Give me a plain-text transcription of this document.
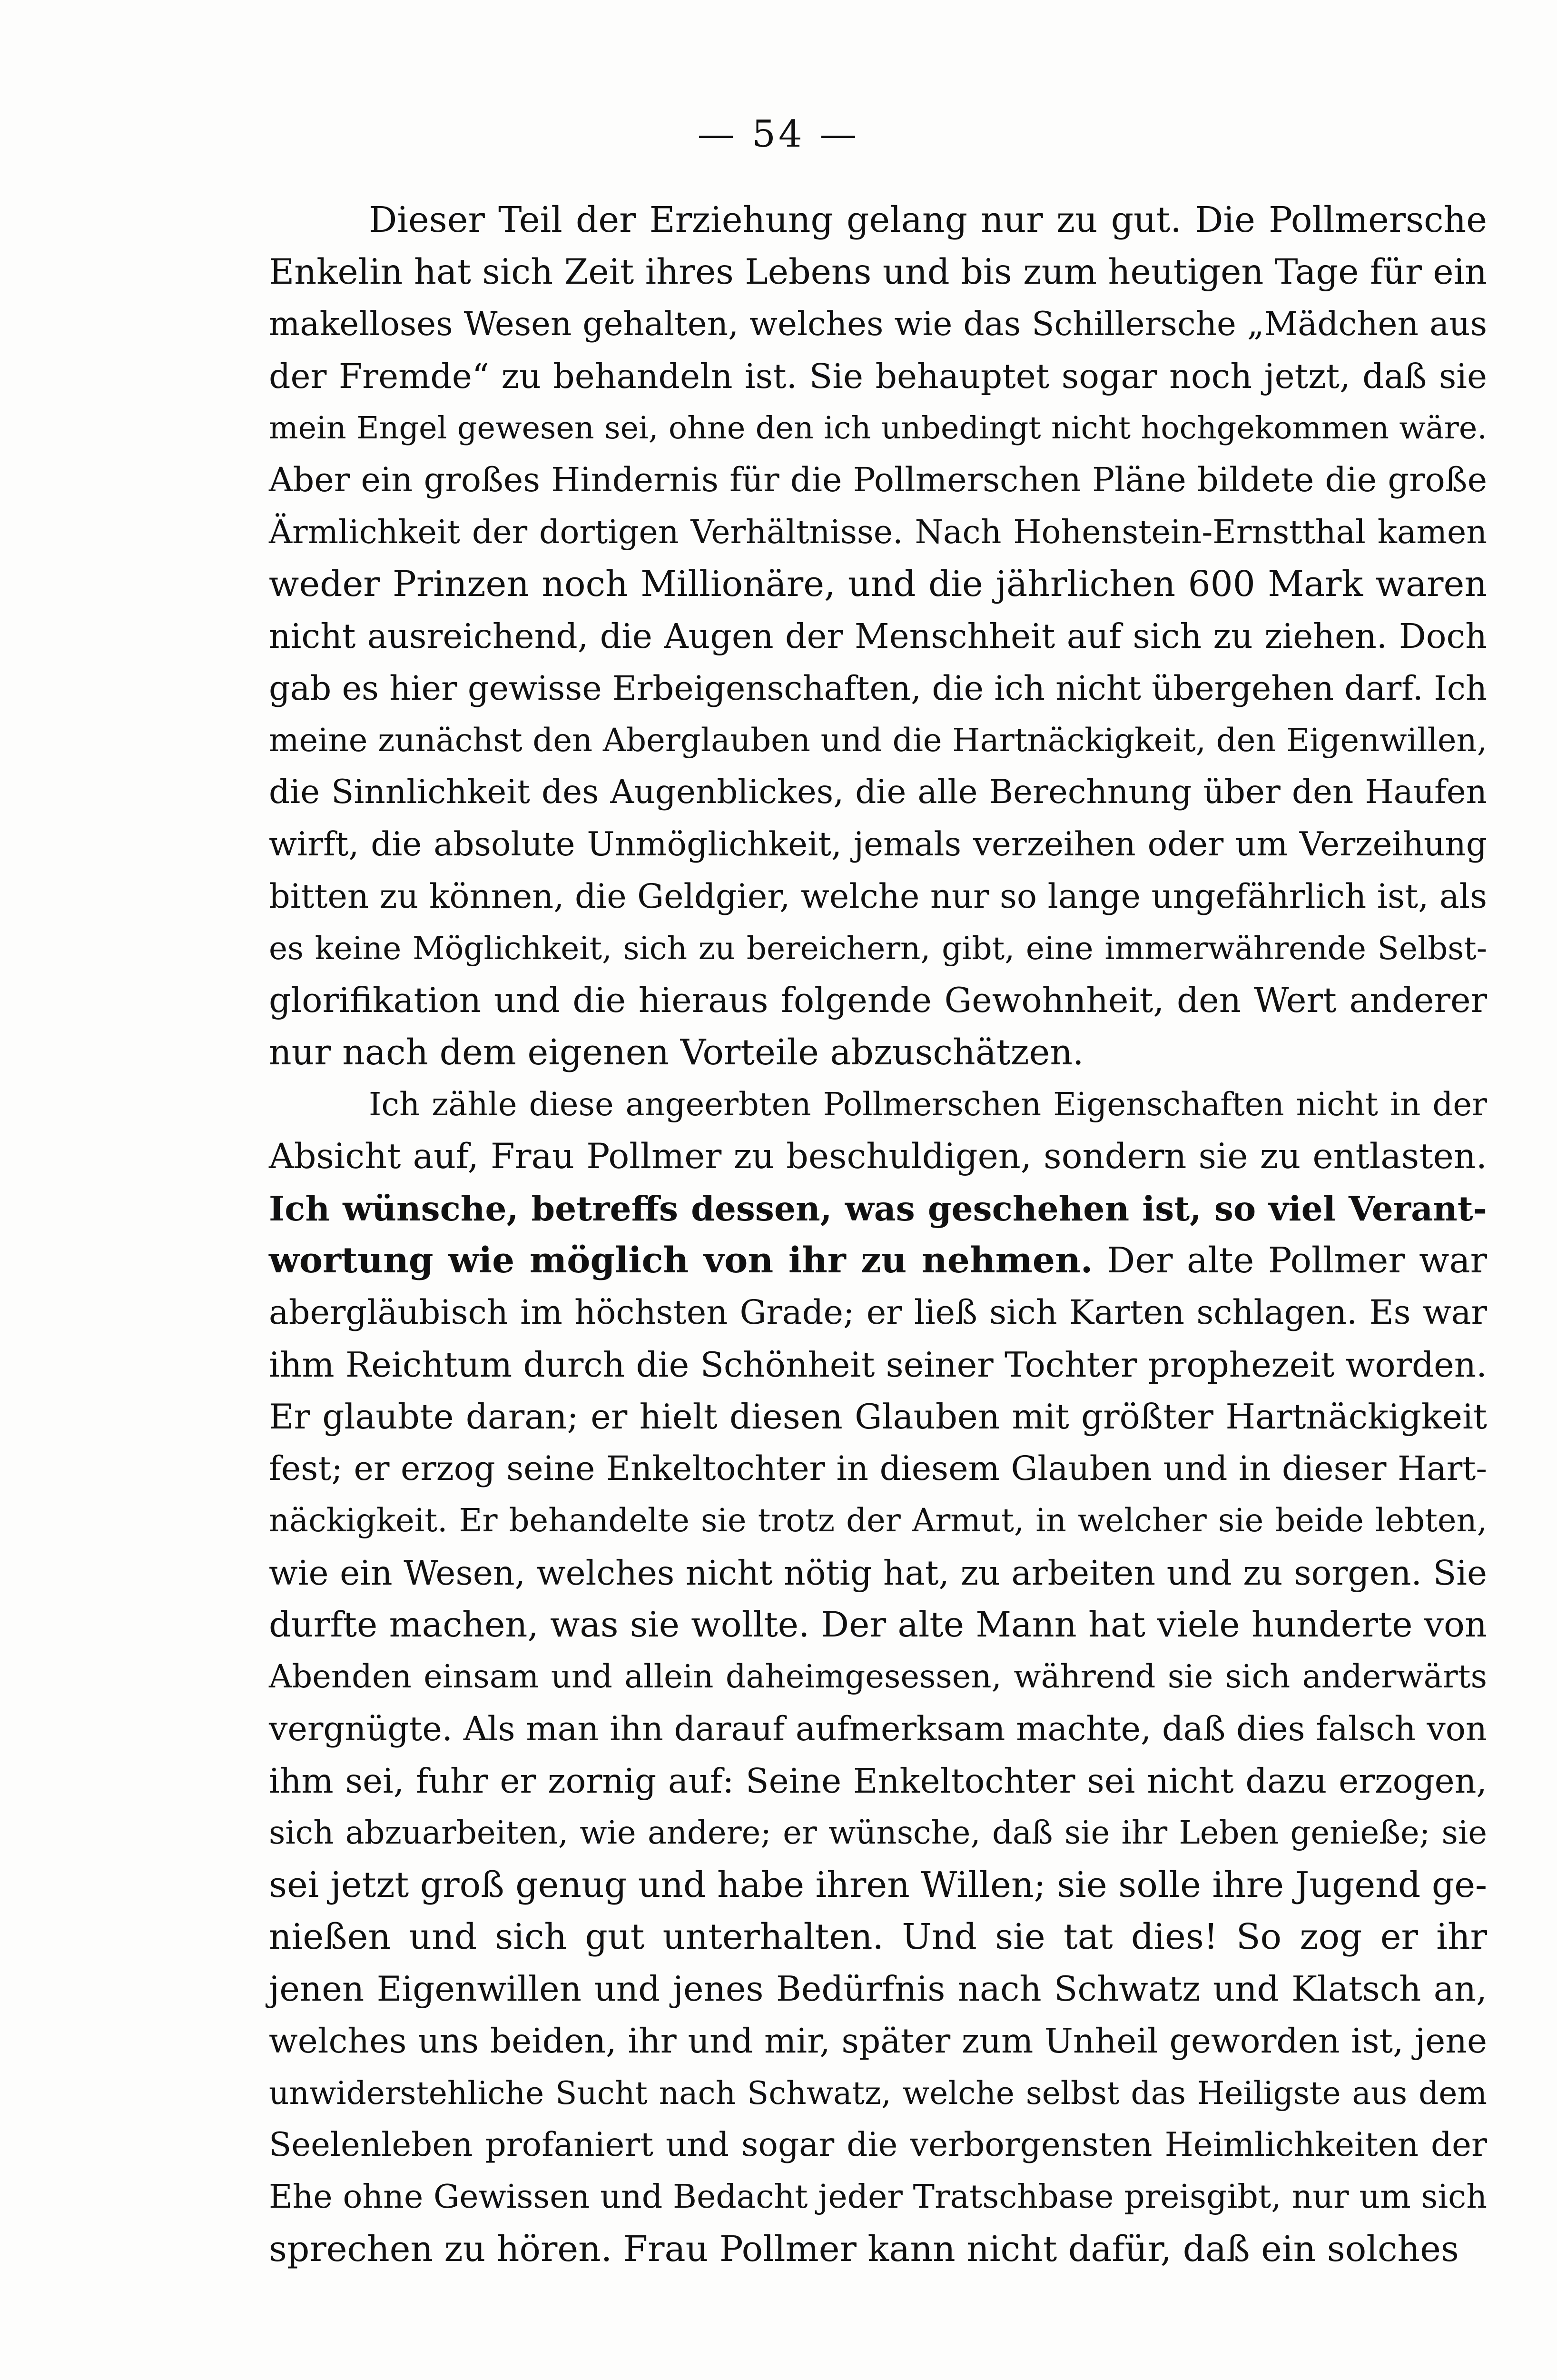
— 54 —
Dieser Teil der Erziehung gelang nur zu gut. Die Pollmersche
Enkelin hat sich Zeit ihres Lebens und bis zum heutigen Tage für ein
makelloses Wesen gehalten, welches wie das Schillersche „Mädchen aus
der Fremde“ zu behandeln ist. Sie behauptet sogar noch jetzt, daß sie
mein Engel gewesen sei, ohne den ich unbedingt nicht hochgekommen wäre.
Aber ein großes Hindernis für die Pollmerschen Pläne bildete die große
Ärmlichkeit der dortigen Verhältnisse. Nach Hohenstein-Ernstthal kamen
weder Prinzen noch Millionäre, und die jährlichen 600 Mark waren
nicht ausreichend, die Augen der Menschheit auf sich zu ziehen. Doch
gab es hier gewisse Erbeigenschaften, die ich nicht übergehen darf. Ich
meine zunächst den Aberglauben und die Hartnäckigkeit, den Eigenwillen,
die Sinnlichkeit des Augenblickes, die alle Berechnung über den Haufen
wirft, die absolute Unmöglichkeit, jemals verzeihen oder um Verzeihung
bitten zu können, die Geldgier, welche nur so lange ungefährlich ist, als
es keine Möglichkeit, sich zu bereichern, gibt, eine immerwährende Selbst-
glorifikation und die hieraus folgende Gewohnheit, den Wert anderer
nur nach dem eigenen Vorteile abzuschätzen.
Ich zähle diese angeerbten Pollmerschen Eigenschaften nicht in der
Absicht auf, Frau Pollmer zu beschuldigen, sondern sie zu entlasten.
Ich wünsche, betreffs dessen, was geschehen ist, so viel Verant-
wortung wie möglich von ihr zu nehmen. Der alte Pollmer war
abergläubisch im höchsten Grade; er ließ sich Karten schlagen. Es war
ihm Reichtum durch die Schönheit seiner Tochter prophezeit worden.
Er glaubte daran; er hielt diesen Glauben mit größter Hartnäckigkeit
fest; er erzog seine Enkeltochter in diesem Glauben und in dieser Hart-
näckigkeit. Er behandelte sie trotz der Armut, in welcher sie beide lebten,
wie ein Wesen, welches nicht nötig hat, zu arbeiten und zu sorgen. Sie
durfte machen, was sie wollte. Der alte Mann hat viele hunderte von
Abenden einsam und allein daheimgesessen, während sie sich anderwärts
vergnügte. Als man ihn darauf aufmerksam machte, daß dies falsch von
ihm sei, fuhr er zornig auf: Seine Enkeltochter sei nicht dazu erzogen,
sich abzuarbeiten, wie andere; er wünsche, daß sie ihr Leben genieße; sie
sei jetzt groß genug und habe ihren Willen; sie solle ihre Jugend ge-
nießen und sich gut unterhalten. Und sie tat dies! So zog er ihr
jenen Eigenwillen und jenes Bedürfnis nach Schwatz und Klatsch an,
welches uns beiden, ihr und mir, später zum Unheil geworden ist, jene
unwiderstehliche Sucht nach Schwatz, welche selbst das Heiligste aus dem
Seelenleben profaniert und sogar die verborgensten Heimlichkeiten der
Ehe ohne Gewissen und Bedacht jeder Tratschbase preisgibt, nur um sich
sprechen zu hören. Frau Pollmer kann nicht dafür, daß ein solches
